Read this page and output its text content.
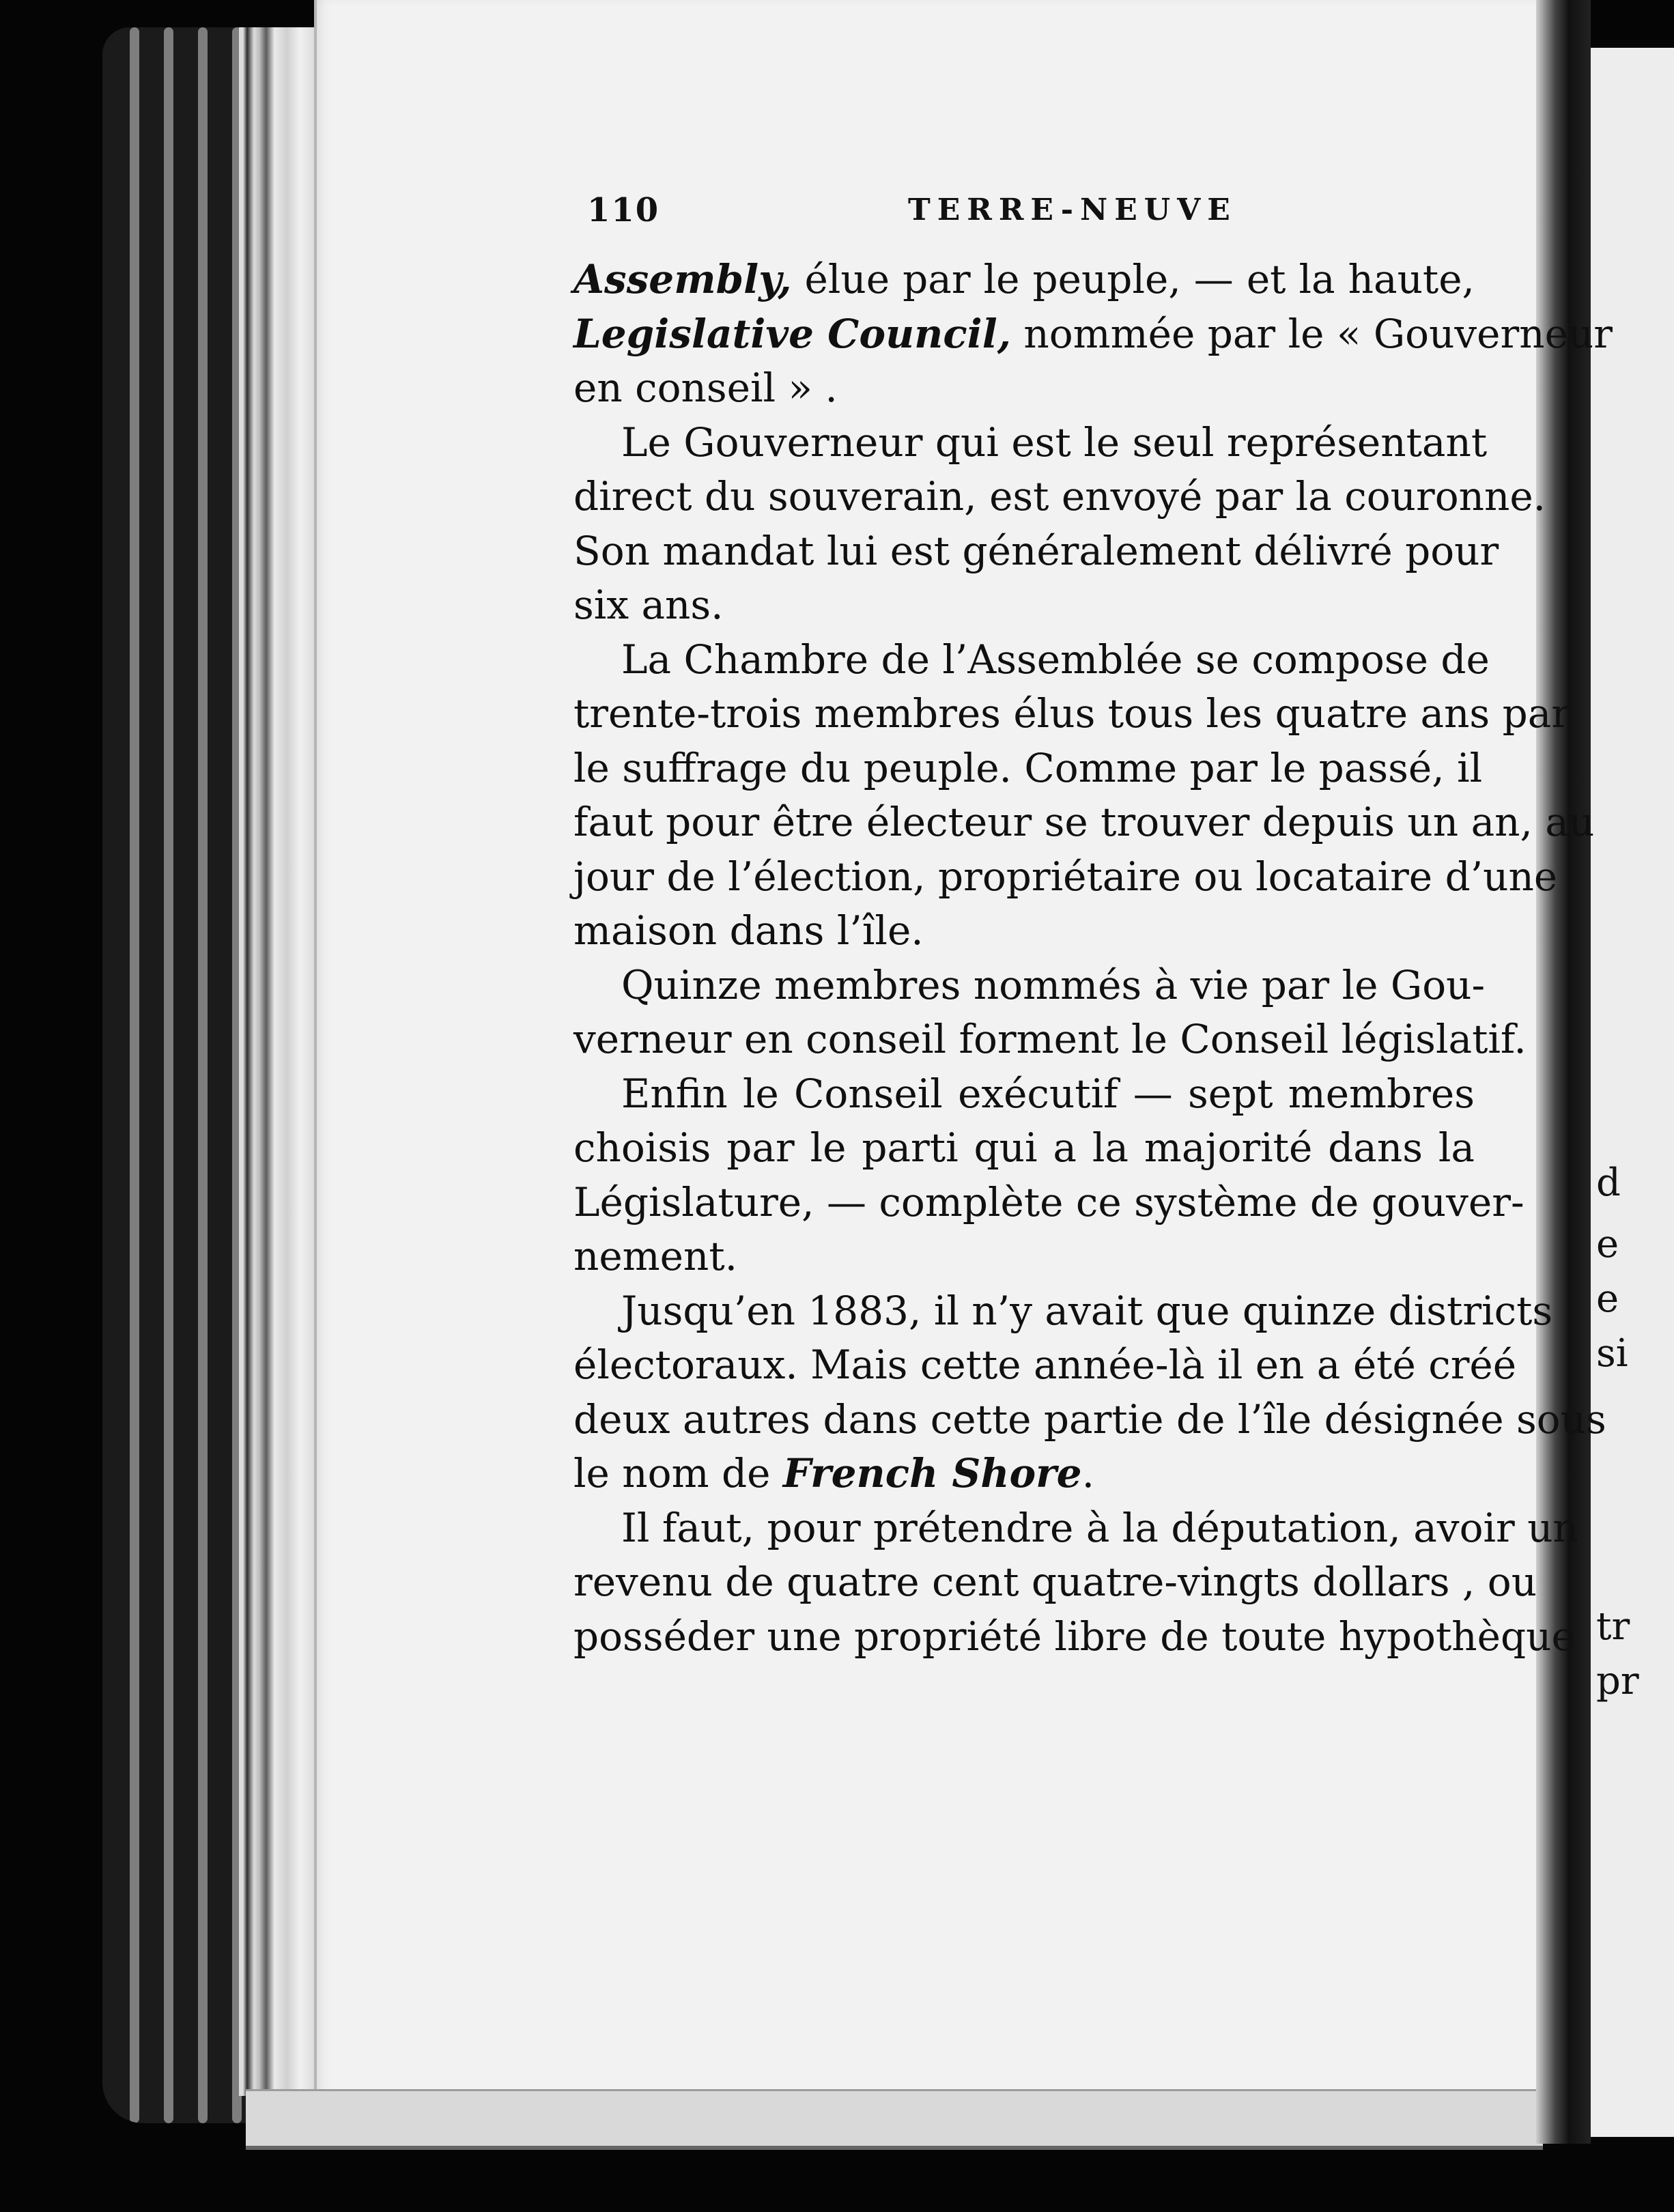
d
e
e
si
tr
pr
110	TERRE-NEUVE
Assembly, élue par le peuple, — et la haute,
Legislative Council, nommée par le « Gouverneur
en conseil » .
Le Gouverneur qui est le seul représentant
direct du souverain, est envoyé par la couronne.
Son mandat lui est généralement délivré pour
six ans.
La Chambre de l’Assemblée se compose de
trente-trois membres élus tous les quatre ans par
le suffrage du peuple. Comme par le passé, il
faut pour être électeur se trouver depuis un an, au
jour de l’élection, propriétaire ou locataire d’une
maison dans l’île.
Quinze membres nommés à vie par le Gou-
verneur en conseil forment le Conseil législatif.
Enfin le Conseil exécutif — sept membres
choisis par le parti qui a la majorité dans la
Législature, — complète ce système de gouver-
nement.
Jusqu’en 1883, il n’y avait que quinze districts
électoraux. Mais cette année-là il en a été créé
deux autres dans cette partie de l’île désignée sous
le nom de French Shore.
Il faut, pour prétendre à la députation, avoir un
revenu de quatre cent quatre-vingts dollars , ou
posséder une propriété libre de toute hypothèque
